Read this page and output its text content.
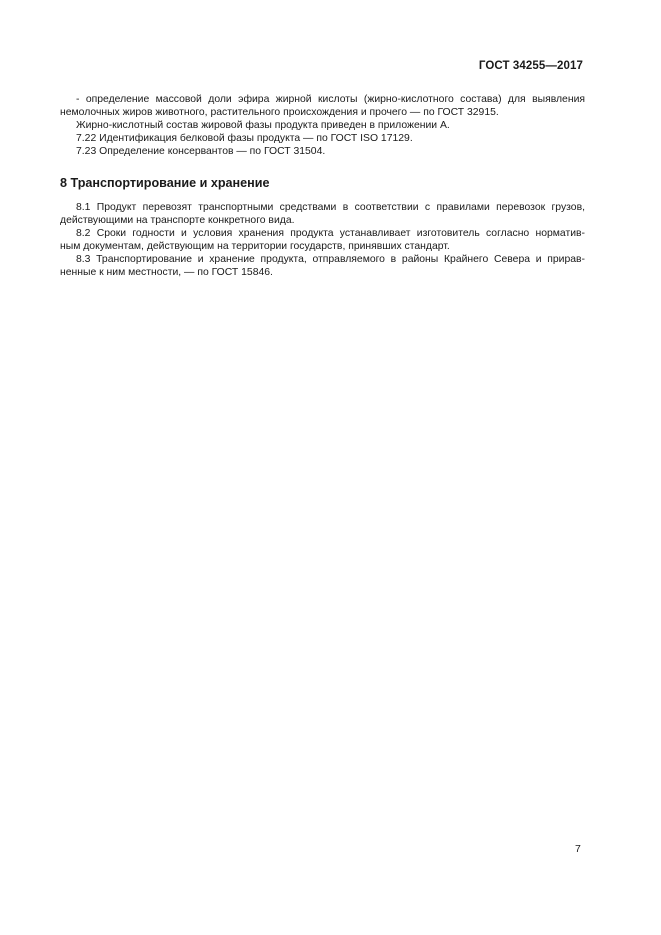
ГОСТ 34255—2017
- определение массовой доли эфира жирной кислоты (жирно-кислотного состава) для выявления
немолочных жиров животного, растительного происхождения и прочего — по ГОСТ 32915.
Жирно-кислотный состав жировой фазы продукта приведен в приложении А.
7.22 Идентификация белковой фазы продукта — по ГОСТ ISO 17129.
7.23 Определение консервантов — по ГОСТ 31504.
8 Транспортирование и хранение
8.1 Продукт перевозят транспортными средствами в соответствии с правилами перевозок грузов,
действующими на транспорте конкретного вида.
8.2 Сроки годности и условия хранения продукта устанавливает изготовитель согласно норматив-
ным документам, действующим на территории государств, принявших стандарт.
8.3 Транспортирование и хранение продукта, отправляемого в районы Крайнего Севера и прирав-
ненные к ним местности, — по ГОСТ 15846.
7
